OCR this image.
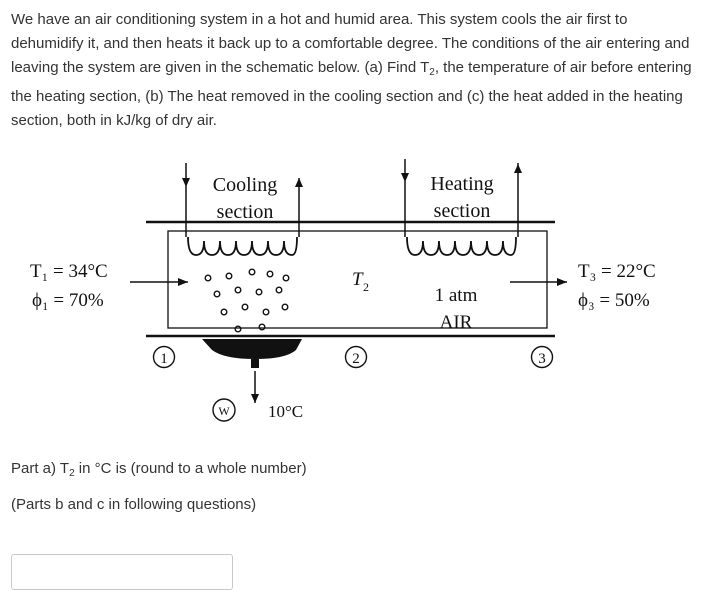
We have an air conditioning system in a hot and humid area. This system cools the air first to dehumidify it, and then heats it back up to a comfortable degree. The conditions of the air entering and leaving the system are given in the schematic below. (a) Find $T_2$, the temperature of air before entering the heating section, (b) The heat removed in the cooling section and (c) the heat added in the heating section, both in kJ/kg of dry air.

Cooling
section
Heating
section
T₁ = 34°C
ϕ₁ = 70%
T₃ = 22°C
ϕ₃ = 50%
T 2	1 atm
AIR
1	2	3
W 10°C

Part a) $T_2$ in °C is (round to a whole number)

(Parts b and c in following questions)
